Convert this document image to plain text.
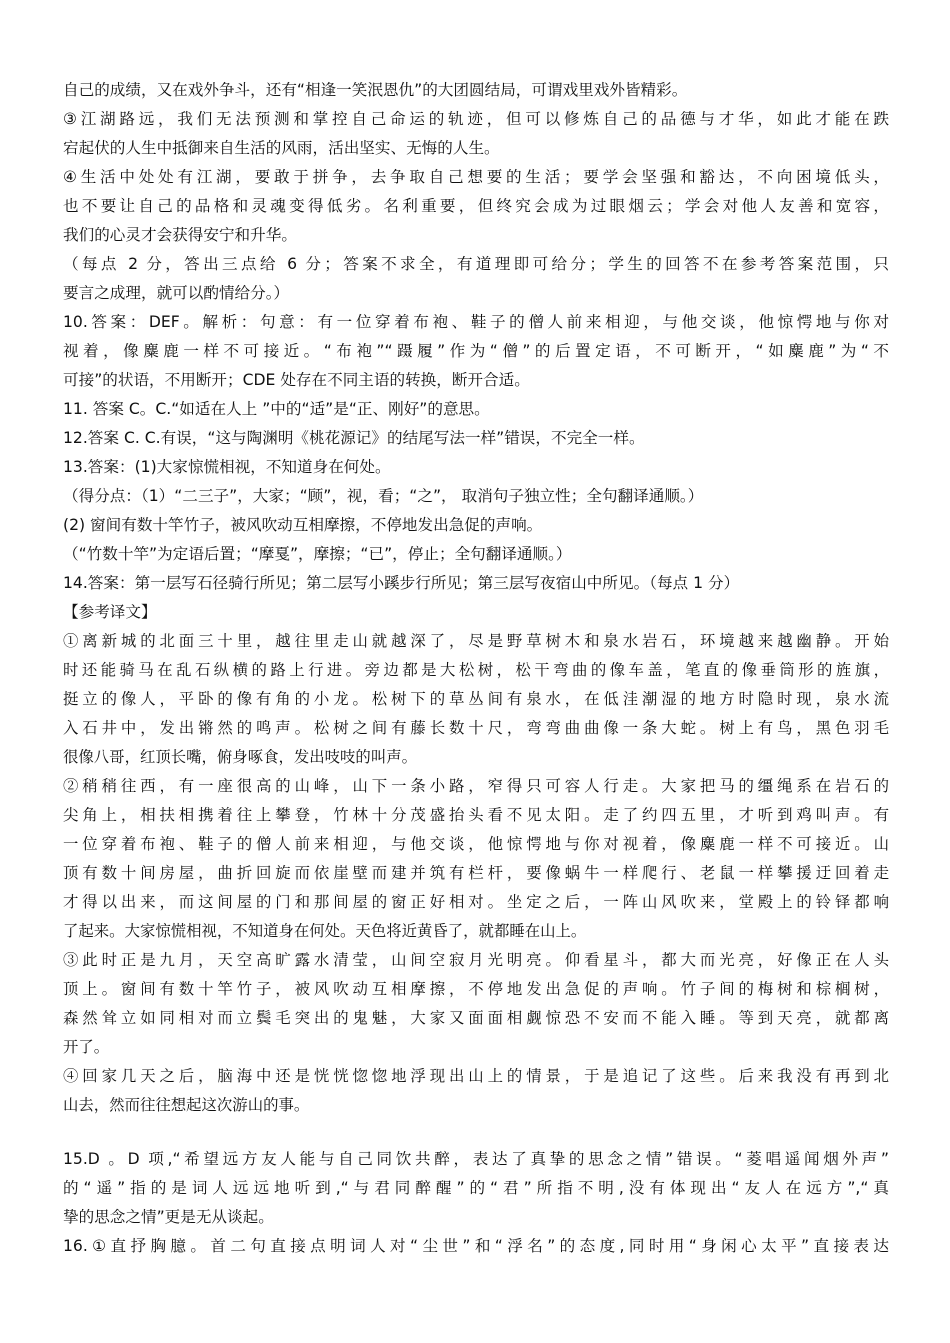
自己的成绩，又在戏外争斗，还有“相逢一笑泯恩仇”的大团圆结局，可谓戏里戏外皆精彩。
③江湖路远，我们无法预测和掌控自己命运的轨迹，但可以修炼自己的品德与才华，如此才能在跌
宕起伏的人生中抵御来自生活的风雨，活出坚实、无悔的人生。
④生活中处处有江湖，要敢于拼争，去争取自己想要的生活；要学会坚强和豁达，不向困境低头，
也不要让自己的品格和灵魂变得低劣。名利重要，但终究会成为过眼烟云；学会对他人友善和宽容，
我们的心灵才会获得安宁和升华。
（每点 2 分，答出三点给 6 分；答案不求全，有道理即可给分；学生的回答不在参考答案范围，只
要言之成理，就可以酌情给分。）
10.答案：DEF。解析：句意：有一位穿着布袍、鞋子的僧人前来相迎，与他交谈，他惊愕地与你对
视着，像麋鹿一样不可接近。“布袍”“蹑履”作为“僧”的后置定语，不可断开，“如麋鹿”为“不
可接”的状语，不用断开；CDE 处存在不同主语的转换，断开合适。
11. 答案 C。C.“如适在人上 ”中的“适”是“正、刚好”的意思。
12.答案 C. C.有误，“这与陶渊明《桃花源记》的结尾写法一样”错误，不完全一样。
13.答案：(1)大家惊慌相视，不知道身在何处。
（得分点：（1）“二三子”，大家；“顾”，视，看；“之”， 取消句子独立性；全句翻译通顺。）
(2) 窗间有数十竿竹子，被风吹动互相摩擦，不停地发出急促的声响。
（“竹数十竿”为定语后置；“摩戛”，摩擦；“已”，停止；全句翻译通顺。）
14.答案：第一层写石径骑行所见；第二层写小蹊步行所见；第三层写夜宿山中所见。（每点 1 分）
【参考译文】
①离新城的北面三十里，越往里走山就越深了，尽是野草树木和泉水岩石，环境越来越幽静。开始
时还能骑马在乱石纵横的路上行进。旁边都是大松树，松干弯曲的像车盖，笔直的像垂筒形的旌旗，
挺立的像人，平卧的像有角的小龙。松树下的草丛间有泉水，在低洼潮湿的地方时隐时现，泉水流
入石井中，发出锵然的鸣声。松树之间有藤长数十尺，弯弯曲曲像一条大蛇。树上有鸟，黑色羽毛
很像八哥，红顶长嘴，俯身啄食，发出吱吱的叫声。
②稍稍往西，有一座很高的山峰，山下一条小路，窄得只可容人行走。大家把马的缰绳系在岩石的
尖角上，相扶相携着往上攀登，竹林十分茂盛抬头看不见太阳。走了约四五里，才听到鸡叫声。有
一位穿着布袍、鞋子的僧人前来相迎，与他交谈，他惊愕地与你对视着，像麋鹿一样不可接近。山
顶有数十间房屋，曲折回旋而依崖壁而建并筑有栏杆，要像蜗牛一样爬行、老鼠一样攀援迂回着走
才得以出来，而这间屋的门和那间屋的窗正好相对。坐定之后，一阵山风吹来，堂殿上的铃铎都响
了起来。大家惊慌相视，不知道身在何处。天色将近黄昏了，就都睡在山上。
③此时正是九月，天空高旷露水清莹，山间空寂月光明亮。仰看星斗，都大而光亮，好像正在人头
顶上。窗间有数十竿竹子，被风吹动互相摩擦，不停地发出急促的声响。竹子间的梅树和棕榈树，
森然耸立如同相对而立鬓毛突出的鬼魅，大家又面面相觑惊恐不安而不能入睡。等到天亮，就都离
开了。
④回家几天之后，脑海中还是恍恍惚惚地浮现出山上的情景，于是追记了这些。后来我没有再到北
山去，然而往往想起这次游山的事。
15.D 。D 项,“希望远方友人能与自己同饮共醉，表达了真挚的思念之情”错误。“菱唱遥闻烟外声”
的“遥”指的是词人远远地听到,“与君同醉醒”的“君”所指不明,没有体现出“友人在远方”,“真
挚的思念之情”更是无从谈起。
16.①直抒胸臆。首二句直接点明词人对“尘世”和“浮名”的态度,同时用“身闲心太平”直接表达
